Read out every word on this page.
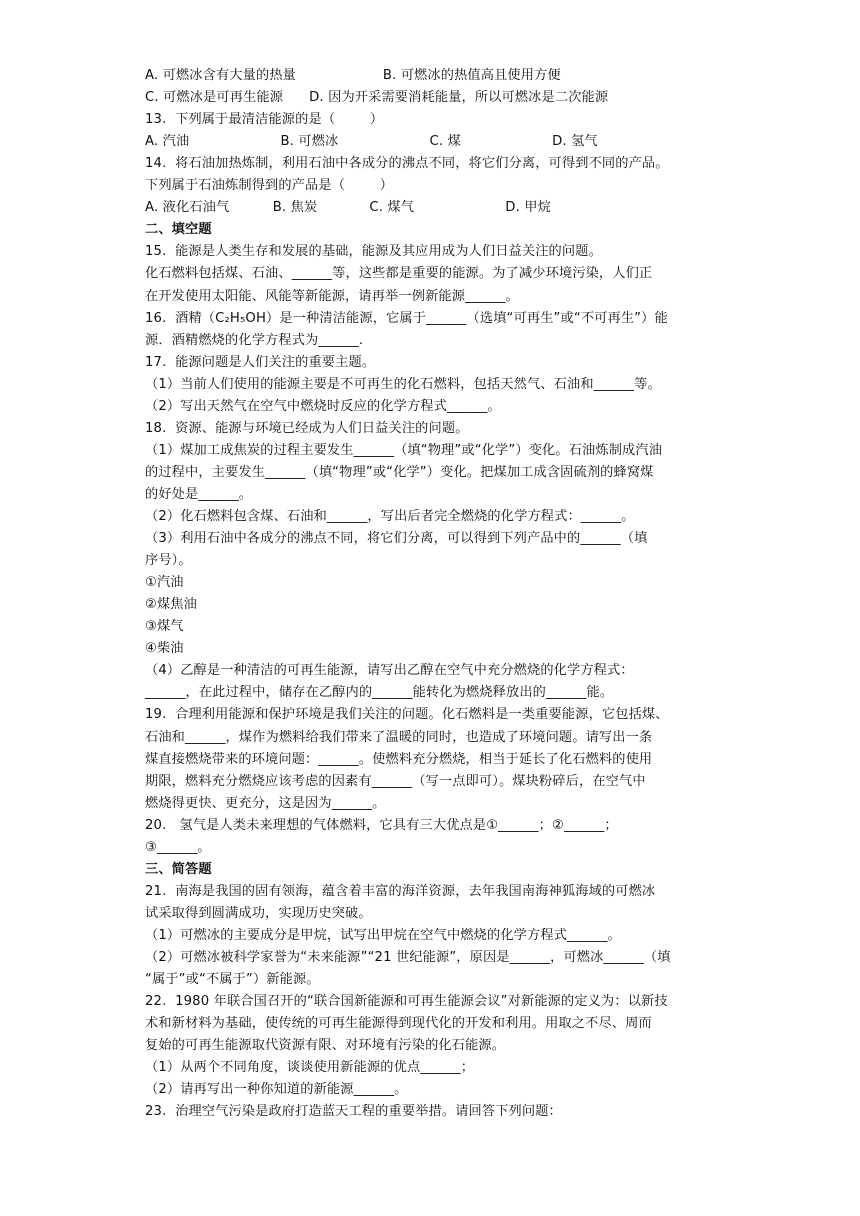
A. 可燃冰含有大量的热量                    B. 可燃冰的热值高且使用方便
C. 可燃冰是可再生能源      D. 因为开采需要消耗能量，所以可燃冰是二次能源
13.  下列属于最清洁能源的是（        ）
A. 汽油                     B. 可燃冰                     C. 煤                     D. 氢气
14.  将石油加热炼制，利用石油中各成分的沸点不同，将它们分离，可得到不同的产品。
下列属于石油炼制得到的产品是（        ）
A. 液化石油气          B. 焦炭            C. 煤气                     D. 甲烷
二、填空题
15.  能源是人类生存和发展的基础，能源及其应用成为人们日益关注的问题。
化石燃料包括煤、石油、______等，这些都是重要的能源。为了减少环境污染，人们正
在开发使用太阳能、风能等新能源，请再举一例新能源______。
16.  酒精（C₂H₅OH）是一种清洁能源，它属于______（选填“可再生”或“不可再生”）能
源．酒精燃烧的化学方程式为______.
17.  能源问题是人们关注的重要主题。
（1）当前人们使用的能源主要是不可再生的化石燃料，包括天然气、石油和______等。
（2）写出天然气在空气中燃烧时反应的化学方程式______。
18.  资源、能源与环境已经成为人们日益关注的问题。
（1）煤加工成焦炭的过程主要发生______（填“物理”或“化学”）变化。石油炼制成汽油
的过程中，主要发生______（填“物理”或“化学”）变化。把煤加工成含固硫剂的蜂窝煤
的好处是______。
（2）化石燃料包含煤、石油和______，写出后者完全燃烧的化学方程式：______。
（3）利用石油中各成分的沸点不同，将它们分离，可以得到下列产品中的______（填
序号）。
①汽油
②煤焦油
③煤气
④柴油
（4）乙醇是一种清洁的可再生能源，请写出乙醇在空气中充分燃烧的化学方程式：
______，在此过程中，储存在乙醇内的______能转化为燃烧释放出的______能。
19.  合理利用能源和保护环境是我们关注的问题。化石燃料是一类重要能源，它包括煤、
石油和______，煤作为燃料给我们带来了温暖的同时，也造成了环境问题。请写出一条
煤直接燃烧带来的环境问题：______。使燃料充分燃烧，相当于延长了化石燃料的使用
期限，燃料充分燃烧应该考虑的因素有______（写一点即可）。煤块粉碎后，在空气中
燃烧得更快、更充分，这是因为______。
20.   氢气是人类未来理想的气体燃料，它具有三大优点是①______；②______；
③______。
三、简答题
21.  南海是我国的固有领海，蕴含着丰富的海洋资源，去年我国南海神狐海域的可燃冰
试采取得到圆满成功，实现历史突破。
（1）可燃冰的主要成分是甲烷，试写出甲烷在空气中燃烧的化学方程式______。
（2）可燃冰被科学家誉为“未来能源”“21 世纪能源”，原因是______，可燃冰______（填
“属于”或“不属于”）新能源。
22.  1980 年联合国召开的“联合国新能源和可再生能源会议”对新能源的定义为：以新技
术和新材料为基础，使传统的可再生能源得到现代化的开发和利用。用取之不尽、周而
复始的可再生能源取代资源有限、对环境有污染的化石能源。
（1）从两个不同角度，谈谈使用新能源的优点______；
（2）请再写出一种你知道的新能源______。
23.  治理空气污染是政府打造蓝天工程的重要举措。请回答下列问题：
